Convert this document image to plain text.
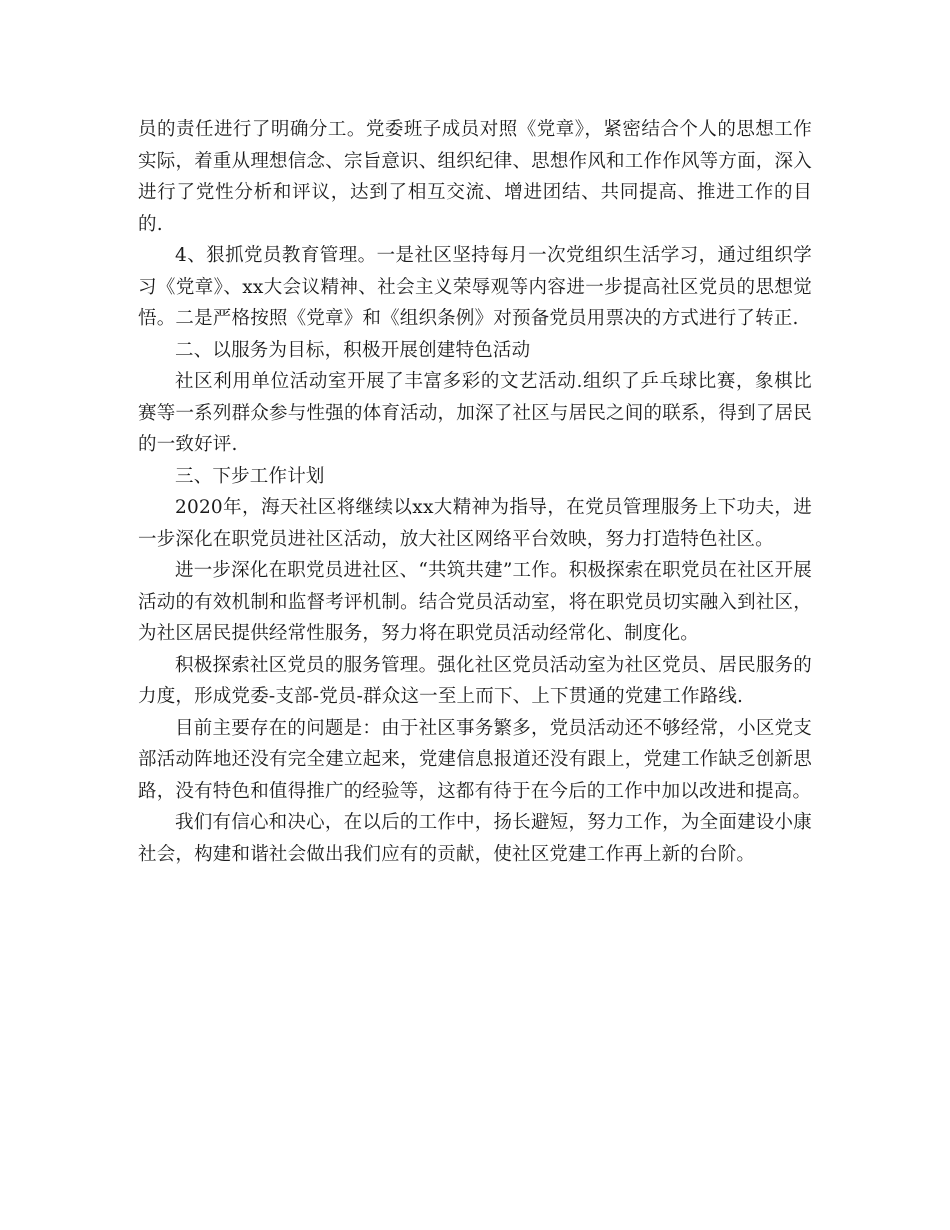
员的责任进行了明确分工。党委班子成员对照《党章》，紧密结合个人的思想工作实际，着重从理想信念、宗旨意识、组织纪律、思想作风和工作作风等方面，深入进行了党性分析和评议，达到了相互交流、增进团结、共同提高、推进工作的目的.

4、狠抓党员教育管理。一是社区坚持每月一次党组织生活学习，通过组织学习《党章》、xx大会议精神、社会主义荣辱观等内容进一步提高社区党员的思想觉悟。二是严格按照《党章》和《组织条例》对预备党员用票决的方式进行了转正.

二、以服务为目标，积极开展创建特色活动

社区利用单位活动室开展了丰富多彩的文艺活动.组织了乒乓球比赛，象棋比赛等一系列群众参与性强的体育活动，加深了社区与居民之间的联系，得到了居民的一致好评.

三、下步工作计划

2020年，海天社区将继续以xx大精神为指导，在党员管理服务上下功夫，进一步深化在职党员进社区活动，放大社区网络平台效映，努力打造特色社区。

进一步深化在职党员进社区、“共筑共建”工作。积极探索在职党员在社区开展活动的有效机制和监督考评机制。结合党员活动室，将在职党员切实融入到社区，为社区居民提供经常性服务，努力将在职党员活动经常化、制度化。

积极探索社区党员的服务管理。强化社区党员活动室为社区党员、居民服务的力度，形成党委-支部-党员-群众这一至上而下、上下贯通的党建工作路线.

目前主要存在的问题是：由于社区事务繁多，党员活动还不够经常，小区党支部活动阵地还没有完全建立起来，党建信息报道还没有跟上，党建工作缺乏创新思路，没有特色和值得推广的经验等，这都有待于在今后的工作中加以改进和提高。

我们有信心和决心，在以后的工作中，扬长避短，努力工作，为全面建设小康社会，构建和谐社会做出我们应有的贡献，使社区党建工作再上新的台阶。
